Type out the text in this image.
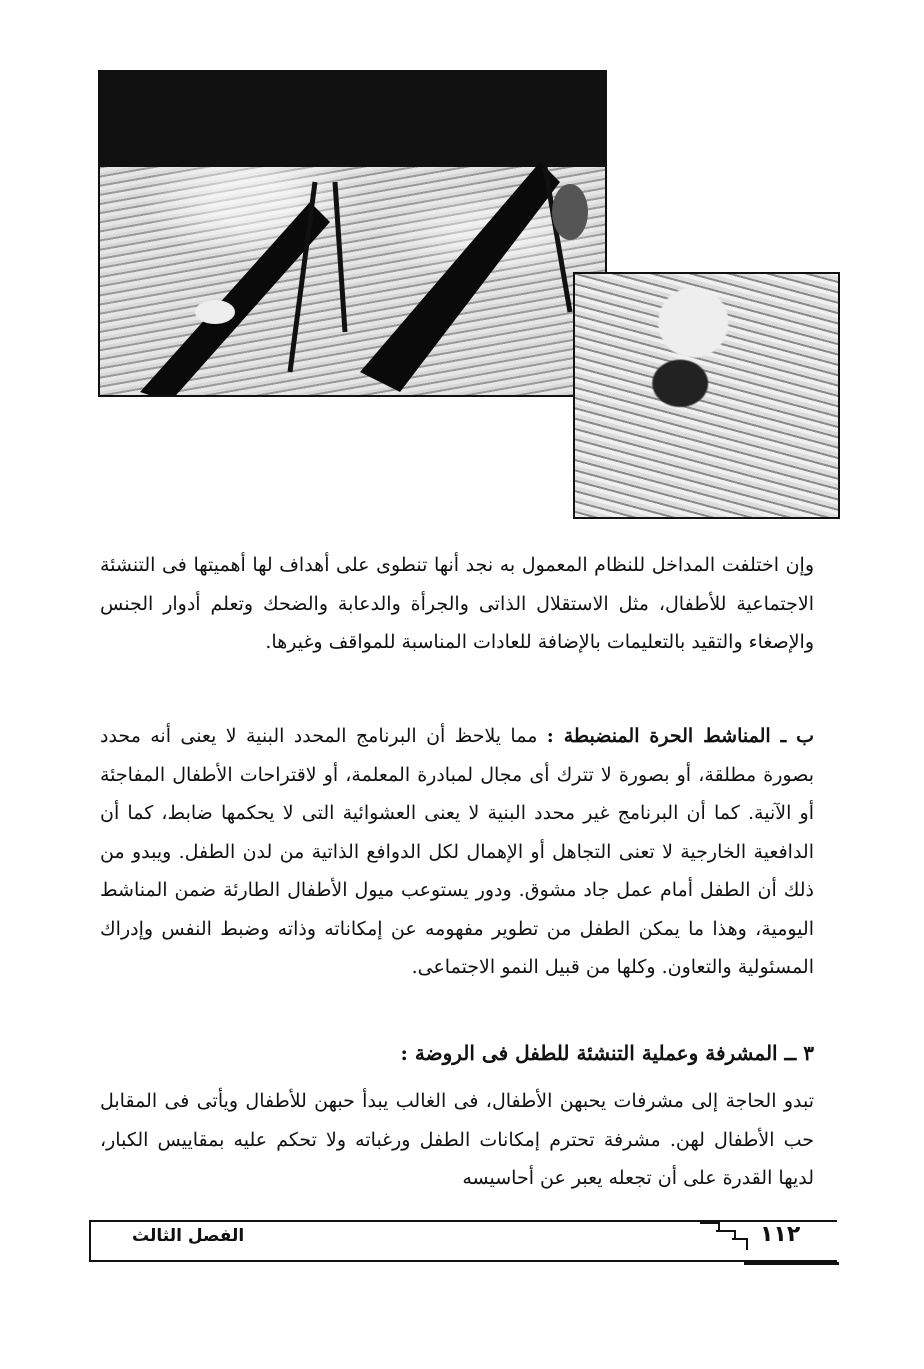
وإن اختلفت المداخل للنظام المعمول به نجد أنها تنطوى على أهداف لها أهميتها فى التنشئة الاجتماعية للأطفال، مثل الاستقلال الذاتى والجرأة والدعابة والضحك وتعلم أدوار الجنس والإصغاء والتقيد بالتعليمات بالإضافة للعادات المناسبة للمواقف وغيرها.

ب ـ المناشط الحرة المنضبطة : مما يلاحظ أن البرنامج المحدد البنية لا يعنى أنه محدد بصورة مطلقة، أو بصورة لا تترك أى مجال لمبادرة المعلمة، أو لاقتراحات الأطفال المفاجئة أو الآنية. كما أن البرنامج غير محدد البنية لا يعنى العشوائية التى لا يحكمها ضابط، كما أن الدافعية الخارجية لا تعنى التجاهل أو الإهمال لكل الدوافع الذاتية من لدن الطفل. ويبدو من ذلك أن الطفل أمام عمل جاد مشوق. ودور يستوعب ميول الأطفال الطارئة ضمن المناشط اليومية، وهذا ما يمكن الطفل من تطوير مفهومه عن إمكاناته وذاته وضبط النفس وإدراك المسئولية والتعاون. وكلها من قبيل النمو الاجتماعى.

٣ ــ المشرفة وعملية التنشئة للطفل فى الروضة :

تبدو الحاجة إلى مشرفات يحبهن الأطفال، فى الغالب يبدأ حبهن للأطفال ويأتى فى المقابل حب الأطفال لهن. مشرفة تحترم إمكانات الطفل ورغباته ولا تحكم عليه بمقاييس الكبار، لديها القدرة على أن تجعله يعبر عن أحاسيسه

الفصل الثالث	١١٢
